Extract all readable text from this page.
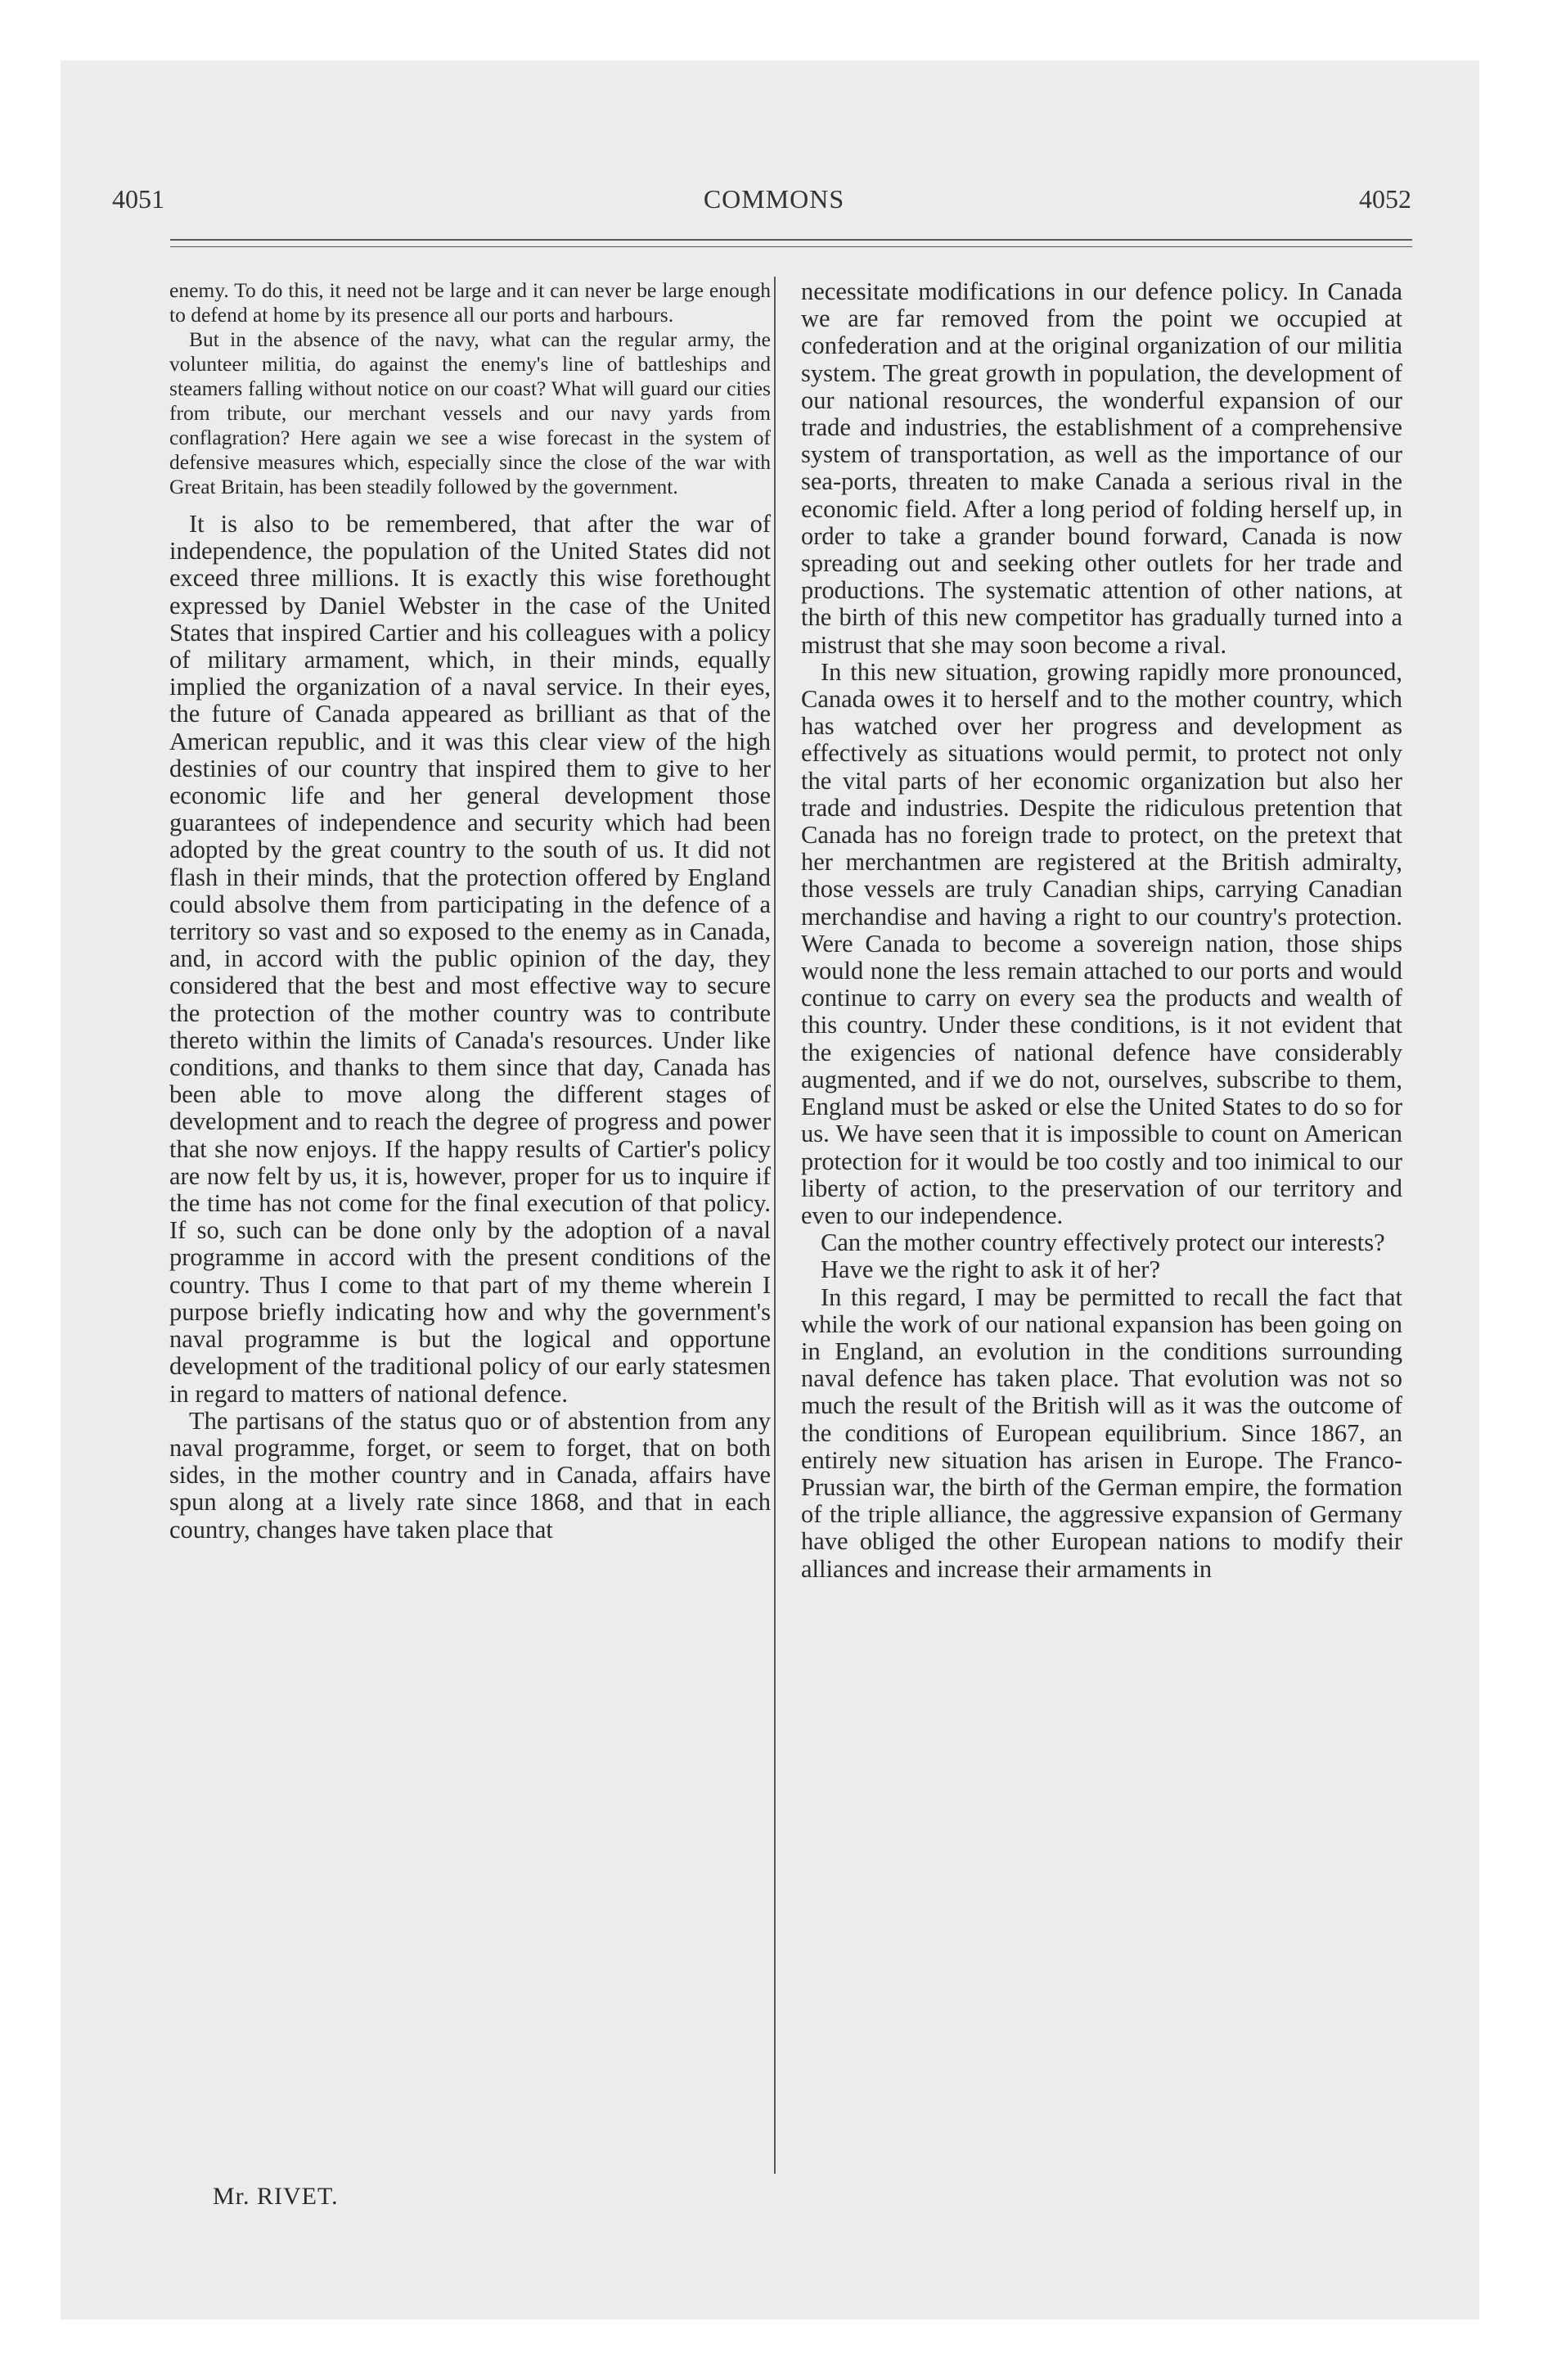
4051	COMMONS	4052

enemy. To do this, it need not be large and it can never be large enough to defend at home by its presence all our ports and harbours.

But in the absence of the navy, what can the regular army, the volunteer militia, do against the enemy's line of battleships and steamers falling without notice on our coast? What will guard our cities from tribute, our merchant vessels and our navy yards from conflagration? Here again we see a wise forecast in the system of defensive measures which, especially since the close of the war with Great Britain, has been steadily followed by the government.

It is also to be remembered, that after the war of independence, the population of the United States did not exceed three millions. It is exactly this wise forethought expressed by Daniel Webster in the case of the United States that inspired Cartier and his colleagues with a policy of military armament, which, in their minds, equally implied the organization of a naval service. In their eyes, the future of Canada appeared as brilliant as that of the American republic, and it was this clear view of the high destinies of our country that inspired them to give to her economic life and her general development those guarantees of independence and security which had been adopted by the great country to the south of us. It did not flash in their minds, that the protection offered by England could absolve them from participating in the defence of a territory so vast and so exposed to the enemy as in Canada, and, in accord with the public opinion of the day, they considered that the best and most effective way to secure the protection of the mother country was to contribute thereto within the limits of Canada's resources. Under like conditions, and thanks to them since that day, Canada has been able to move along the different stages of development and to reach the degree of progress and power that she now enjoys. If the happy results of Cartier's policy are now felt by us, it is, however, proper for us to inquire if the time has not come for the final execution of that policy. If so, such can be done only by the adoption of a naval programme in accord with the present conditions of the country. Thus I come to that part of my theme wherein I purpose briefly indicating how and why the government's naval programme is but the logical and opportune development of the traditional policy of our early statesmen in regard to matters of national defence.

The partisans of the status quo or of abstention from any naval programme, forget, or seem to forget, that on both sides, in the mother country and in Canada, affairs have spun along at a lively rate since 1868, and that in each country, changes have taken place that

necessitate modifications in our defence policy. In Canada we are far removed from the point we occupied at confederation and at the original organization of our militia system. The great growth in population, the development of our national resources, the wonderful expansion of our trade and industries, the establishment of a comprehensive system of transportation, as well as the importance of our sea-ports, threaten to make Canada a serious rival in the economic field. After a long period of folding herself up, in order to take a grander bound forward, Canada is now spreading out and seeking other outlets for her trade and productions. The systematic attention of other nations, at the birth of this new competitor has gradually turned into a mistrust that she may soon become a rival.

In this new situation, growing rapidly more pronounced, Canada owes it to herself and to the mother country, which has watched over her progress and development as effectively as situations would permit, to protect not only the vital parts of her economic organization but also her trade and industries. Despite the ridiculous pretention that Canada has no foreign trade to protect, on the pretext that her merchantmen are registered at the British admiralty, those vessels are truly Canadian ships, carrying Canadian merchandise and having a right to our country's protection. Were Canada to become a sovereign nation, those ships would none the less remain attached to our ports and would continue to carry on every sea the products and wealth of this country. Under these conditions, is it not evident that the exigencies of national defence have considerably augmented, and if we do not, ourselves, subscribe to them, England must be asked or else the United States to do so for us. We have seen that it is impossible to count on American protection for it would be too costly and too inimical to our liberty of action, to the preservation of our territory and even to our independence.

Can the mother country effectively protect our interests?

Have we the right to ask it of her?

In this regard, I may be permitted to recall the fact that while the work of our national expansion has been going on in England, an evolution in the conditions surrounding naval defence has taken place. That evolution was not so much the result of the British will as it was the outcome of the conditions of European equilibrium. Since 1867, an entirely new situation has arisen in Europe. The Franco-Prussian war, the birth of the German empire, the formation of the triple alliance, the aggressive expansion of Germany have obliged the other European nations to modify their alliances and increase their armaments in

Mr. RIVET.
